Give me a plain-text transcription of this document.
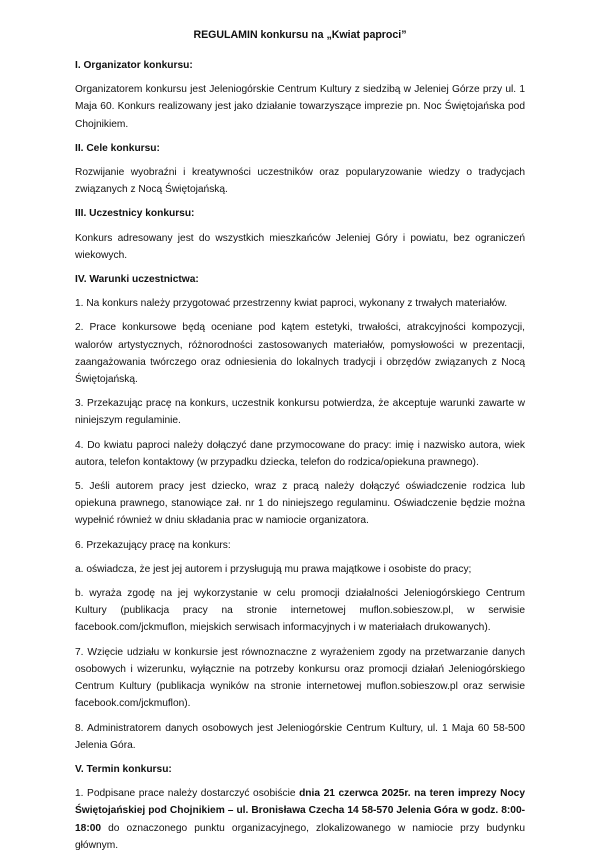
REGULAMIN konkursu na „Kwiat paproci”
I. Organizator konkursu:
Organizatorem konkursu jest Jeleniogórskie Centrum Kultury z siedzibą w Jeleniej Górze przy ul. 1 Maja 60. Konkurs realizowany jest jako działanie towarzyszące imprezie pn. Noc Świętojańska pod Chojnikiem.
II. Cele konkursu:
Rozwijanie wyobraźni i kreatywności uczestników oraz popularyzowanie wiedzy o tradycjach związanych z Nocą Świętojańską.
III. Uczestnicy konkursu:
Konkurs adresowany jest do wszystkich mieszkańców Jeleniej Góry i powiatu, bez ograniczeń wiekowych.
IV. Warunki uczestnictwa:
1. Na konkurs należy przygotować przestrzenny kwiat paproci, wykonany z trwałych materiałów.
2. Prace konkursowe będą oceniane pod kątem estetyki, trwałości, atrakcyjności kompozycji, walorów artystycznych, różnorodności zastosowanych materiałów, pomysłowości w prezentacji, zaangażowania twórczego oraz odniesienia do lokalnych tradycji i obrzędów związanych z Nocą Świętojańską.
3. Przekazując pracę na konkurs, uczestnik konkursu potwierdza, że akceptuje warunki zawarte w niniejszym regulaminie.
4. Do kwiatu paproci należy dołączyć dane przymocowane do pracy: imię i nazwisko autora, wiek autora, telefon kontaktowy (w przypadku dziecka, telefon do rodzica/opiekuna prawnego).
5. Jeśli autorem pracy jest dziecko, wraz z pracą należy dołączyć oświadczenie rodzica lub opiekuna prawnego, stanowiące zał. nr 1 do niniejszego regulaminu. Oświadczenie będzie można wypełnić również w dniu składania prac w namiocie organizatora.
6. Przekazujący pracę na konkurs:
a. oświadcza, że jest jej autorem i przysługują mu prawa majątkowe i osobiste do pracy;
b. wyraża zgodę na jej wykorzystanie w celu promocji działalności Jeleniogórskiego Centrum Kultury (publikacja pracy na stronie internetowej muflon.sobieszow.pl, w serwisie facebook.com/jckmuflon, miejskich serwisach informacyjnych i w materiałach drukowanych).
7. Wzięcie udziału w konkursie jest równoznaczne z wyrażeniem zgody na przetwarzanie danych osobowych i wizerunku, wyłącznie na potrzeby konkursu oraz promocji działań Jeleniogórskiego Centrum Kultury (publikacja wyników na stronie internetowej muflon.sobieszow.pl oraz serwisie facebook.com/jckmuflon).
8. Administratorem danych osobowych jest Jeleniogórskie Centrum Kultury, ul. 1 Maja 60 58-500 Jelenia Góra.
V. Termin konkursu:
1. Podpisane prace należy dostarczyć osobiście dnia 21 czerwca 2025r. na teren imprezy Nocy Świętojańskiej pod Chojnikiem – ul. Bronisława Czecha 14 58-570 Jelenia Góra w godz. 8:00-18:00 do oznaczonego punktu organizacyjnego, zlokalizowanego w namiocie przy budynku głównym.
